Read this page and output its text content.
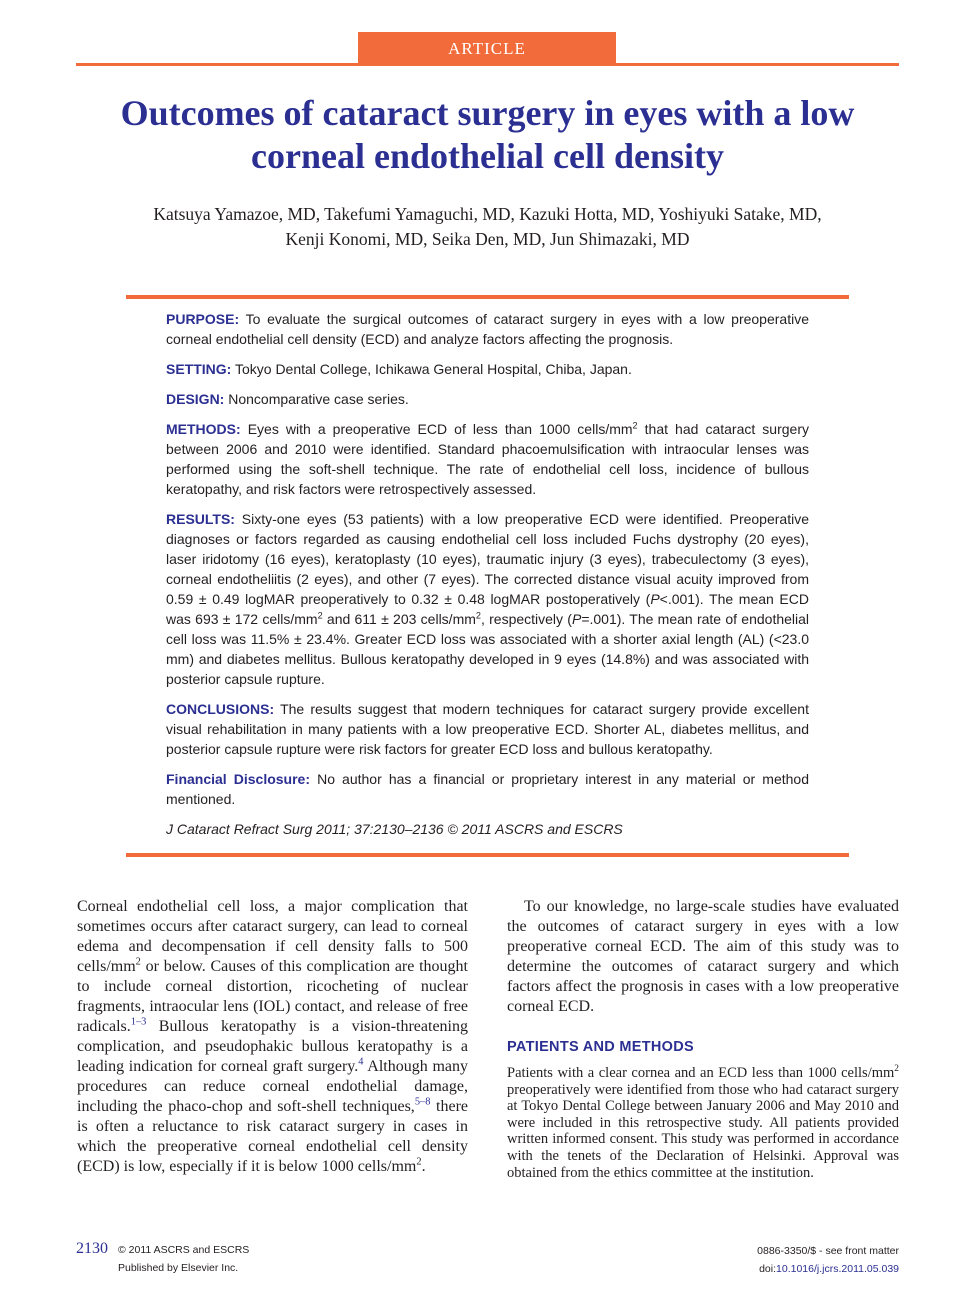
ARTICLE
Outcomes of cataract surgery in eyes with a low corneal endothelial cell density
Katsuya Yamazoe, MD, Takefumi Yamaguchi, MD, Kazuki Hotta, MD, Yoshiyuki Satake, MD,
Kenji Konomi, MD, Seika Den, MD, Jun Shimazaki, MD

PURPOSE: To evaluate the surgical outcomes of cataract surgery in eyes with a low preoperative corneal endothelial cell density (ECD) and analyze factors affecting the prognosis.

SETTING: Tokyo Dental College, Ichikawa General Hospital, Chiba, Japan.

DESIGN: Noncomparative case series.

METHODS: Eyes with a preoperative ECD of less than 1000 cells/$mm^2$ that had cataract surgery between 2006 and 2010 were identified. Standard phacoemulsification with intraocular lenses was performed using the soft-shell technique. The rate of endothelial cell loss, incidence of bullous keratopathy, and risk factors were retrospectively assessed.

RESULTS: Sixty-one eyes (53 patients) with a low preoperative ECD were identified. Preoperative diagnoses or factors regarded as causing endothelial cell loss included Fuchs dystrophy (20 eyes), laser iridotomy (16 eyes), keratoplasty (10 eyes), traumatic injury (3 eyes), trabeculectomy (3 eyes), corneal endotheliitis (2 eyes), and other (7 eyes). The corrected distance visual acuity improved from 0.59 ± 0.49 logMAR preoperatively to 0.32 ± 0.48 logMAR postoperatively (P<.001). The mean ECD was 693 ± 172 cells/$mm^2$ and 611 ± 203 cells/$mm^2$, respectively (P=.001). The mean rate of endothelial cell loss was 11.5% ± 23.4%. Greater ECD loss was associated with a shorter axial length (AL) (<23.0 mm) and diabetes mellitus. Bullous keratopathy developed in 9 eyes (14.8%) and was associated with posterior capsule rupture.

CONCLUSIONS: The results suggest that modern techniques for cataract surgery provide excellent visual rehabilitation in many patients with a low preoperative ECD. Shorter AL, diabetes mellitus, and posterior capsule rupture were risk factors for greater ECD loss and bullous keratopathy.

Financial Disclosure: No author has a financial or proprietary interest in any material or method mentioned.

J Cataract Refract Surg 2011; 37:2130–2136 © 2011 ASCRS and ESCRS

Corneal endothelial cell loss, a major complication that sometimes occurs after cataract surgery, can lead to corneal edema and decompensation if cell density falls to 500 cells/$mm^2$ or below. Causes of this complication are thought to include corneal distortion, ricocheting of nuclear fragments, intraocular lens (IOL) contact, and release of free radicals.$^{1-3}$ Bullous keratopathy is a vision-threatening complication, and pseudophakic bullous keratopathy is a leading indication for corneal graft surgery.$^4$ Although many procedures can reduce corneal endothelial damage, including the phaco-chop and soft-shell techniques,$^{5-8}$ there is often a reluctance to risk cataract surgery in cases in which the preoperative corneal endothelial cell density (ECD) is low, especially if it is below 1000 cells/$mm^2$.

To our knowledge, no large-scale studies have evaluated the outcomes of cataract surgery in eyes with a low preoperative corneal ECD. The aim of this study was to determine the outcomes of cataract surgery and which factors affect the prognosis in cases with a low preoperative corneal ECD.

PATIENTS AND METHODS

Patients with a clear cornea and an ECD less than 1000 cells/$mm^2$ preoperatively were identified from those who had cataract surgery at Tokyo Dental College between January 2006 and May 2010 and were included in this retrospective study. All patients provided written informed consent. This study was performed in accordance with the tenets of the Declaration of Helsinki. Approval was obtained from the ethics committee at the institution.

2130 © 2011 ASCRS and ESCRS
Published by Elsevier Inc.
0886-3350/$ - see front matter
doi:10.1016/j.jcrs.2011.05.039
